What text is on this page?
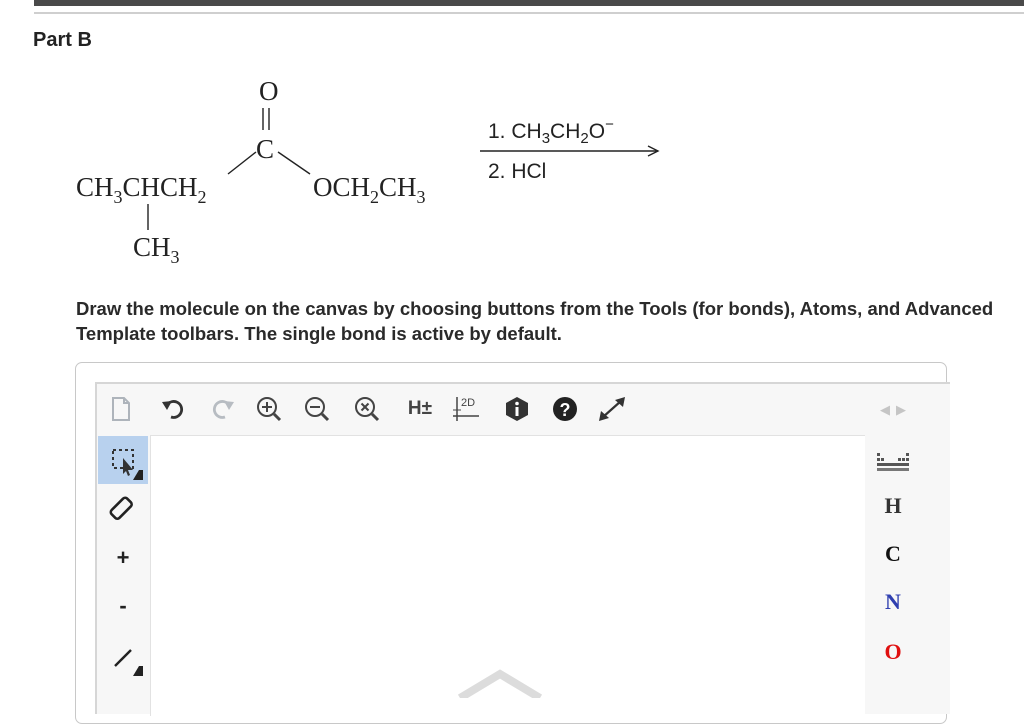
Part B
O
C
$CH_3CHCH_2$
$CH_3$
$OCH_2CH_3$
1. $CH_3CH_2O^-$
2. HCl
Draw the molecule on the canvas by choosing buttons from the Tools (for bonds), Atoms, and Advanced Template toolbars. The single bond is active by default.
H±	2D	?	◀▶
+
-
H
C
N
O
